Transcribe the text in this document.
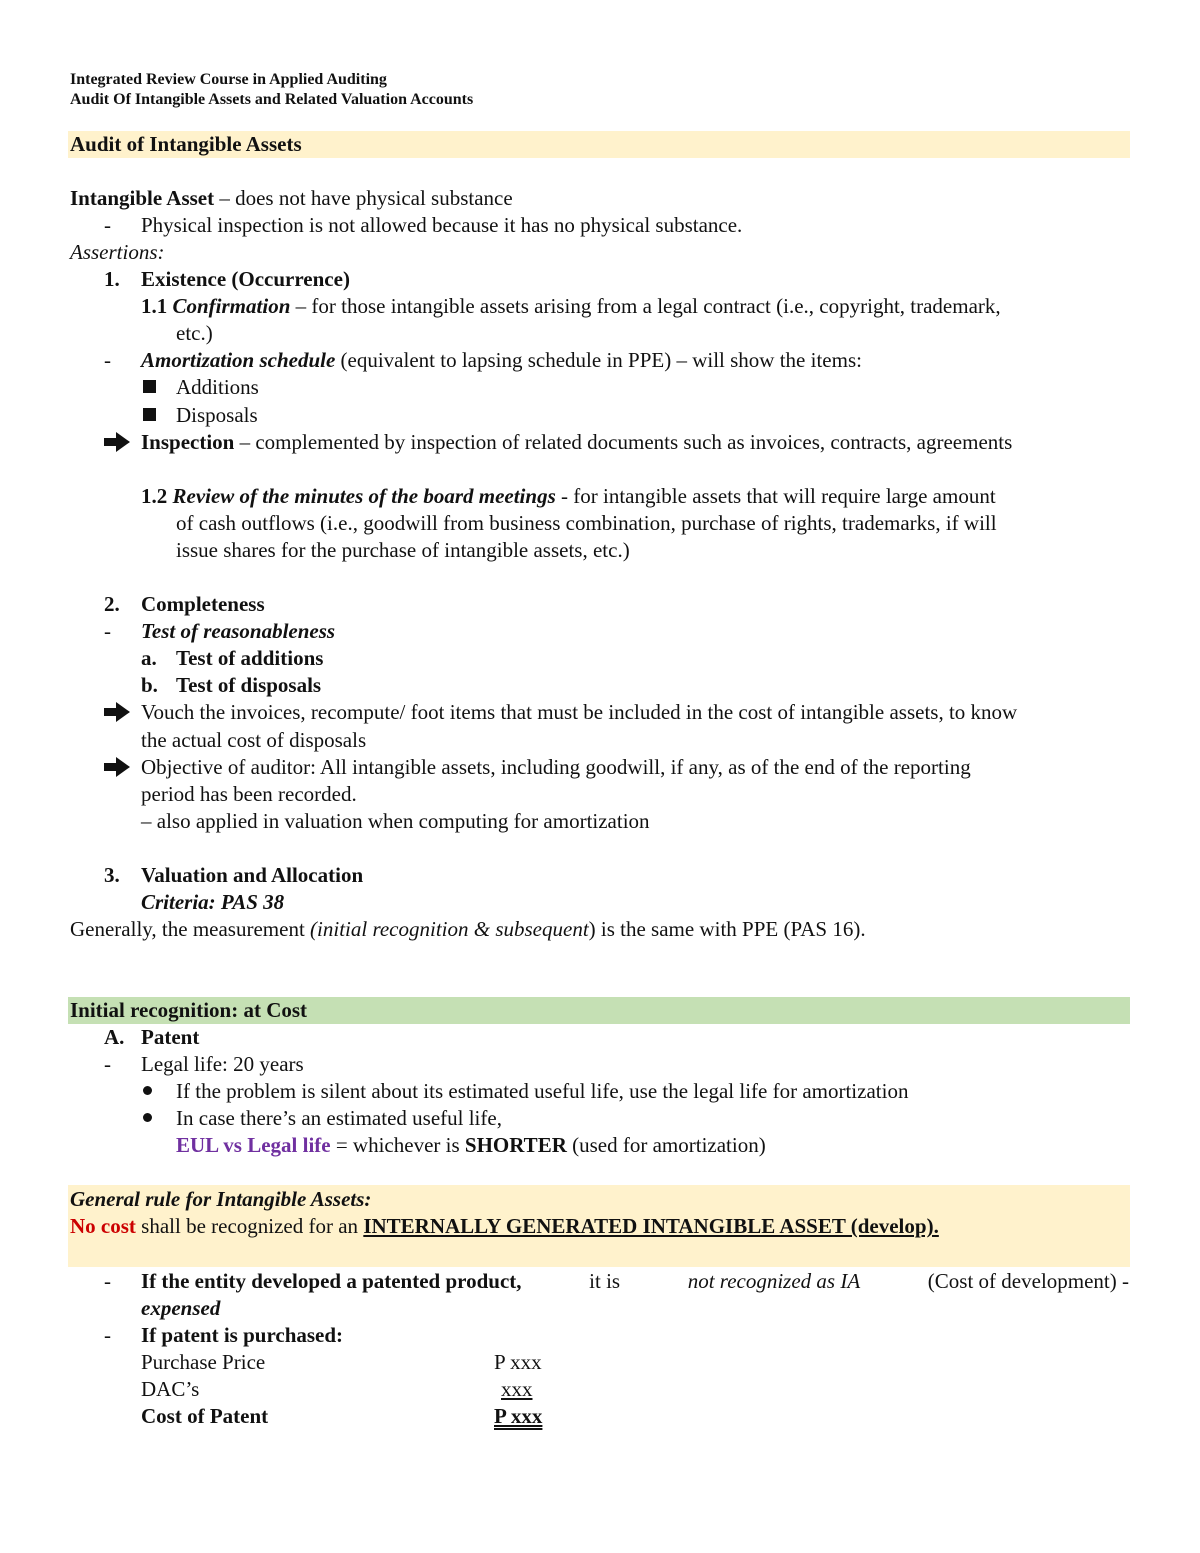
Integrated Review Course in Applied Auditing
Audit Of Intangible Assets and Related Valuation Accounts
Audit of Intangible Assets
Intangible Asset – does not have physical substance
- Physical inspection is not allowed because it has no physical substance.
Assertions:
1. Existence (Occurrence)
1.1 Confirmation – for those intangible assets arising from a legal contract (i.e., copyright, trademark,
etc.)
- Amortization schedule (equivalent to lapsing schedule in PPE) – will show the items:
Additions
Disposals
Inspection – complemented by inspection of related documents such as invoices, contracts, agreements
1.2 Review of the minutes of the board meetings - for intangible assets that will require large amount
of cash outflows (i.e., goodwill from business combination, purchase of rights, trademarks, if will
issue shares for the purchase of intangible assets, etc.)
2. Completeness
- Test of reasonableness
a. Test of additions
b. Test of disposals
Vouch the invoices, recompute/ foot items that must be included in the cost of intangible assets, to know
the actual cost of disposals
Objective of auditor: All intangible assets, including goodwill, if any, as of the end of the reporting
period has been recorded.
– also applied in valuation when computing for amortization
3. Valuation and Allocation
Criteria: PAS 38
Generally, the measurement (initial recognition & subsequent) is the same with PPE (PAS 16).
Initial recognition: at Cost
A. Patent
- Legal life: 20 years
If the problem is silent about its estimated useful life, use the legal life for amortization
In case there’s an estimated useful life,
EUL vs Legal life = whichever is SHORTER (used for amortization)
General rule for Intangible Assets:
No cost shall be recognized for an INTERNALLY GENERATED INTANGIBLE ASSET (develop).
- If the entity developed a patented product,	it is	not recognized as IA	(Cost of development) -
expensed
- If patent is purchased:
Purchase Price	P xxx
DAC’s	xxx
Cost of Patent	P xxx
